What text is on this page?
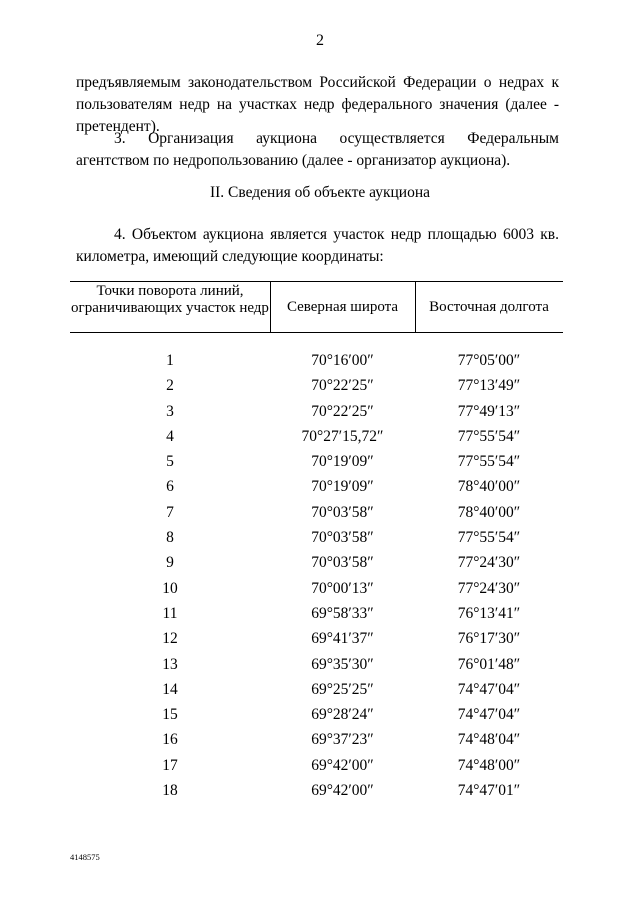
2
предъявляемым законодательством Российской Федерации о недрах к пользователям недр на участках недр федерального значения (далее - претендент).
3. Организация аукциона осуществляется Федеральным агентством по недропользованию (далее - организатор аукциона).
II. Сведения об объекте аукциона
4. Объектом аукциона является участок недр площадью 6003 кв. километра, имеющий следующие координаты:
Точки поворота линий, ограничивающих участок недр	Северная широта	Восточная долгота
1	70°16′00″	77°05′00″
2	70°22′25″	77°13′49″
3	70°22′25″	77°49′13″
4	70°27′15,72″	77°55′54″
5	70°19′09″	77°55′54″
6	70°19′09″	78°40′00″
7	70°03′58″	78°40′00″
8	70°03′58″	77°55′54″
9	70°03′58″	77°24′30″
10	70°00′13″	77°24′30″
11	69°58′33″	76°13′41″
12	69°41′37″	76°17′30″
13	69°35′30″	76°01′48″
14	69°25′25″	74°47′04″
15	69°28′24″	74°47′04″
16	69°37′23″	74°48′04″
17	69°42′00″	74°48′00″
18	69°42′00″	74°47′01″
4148575
